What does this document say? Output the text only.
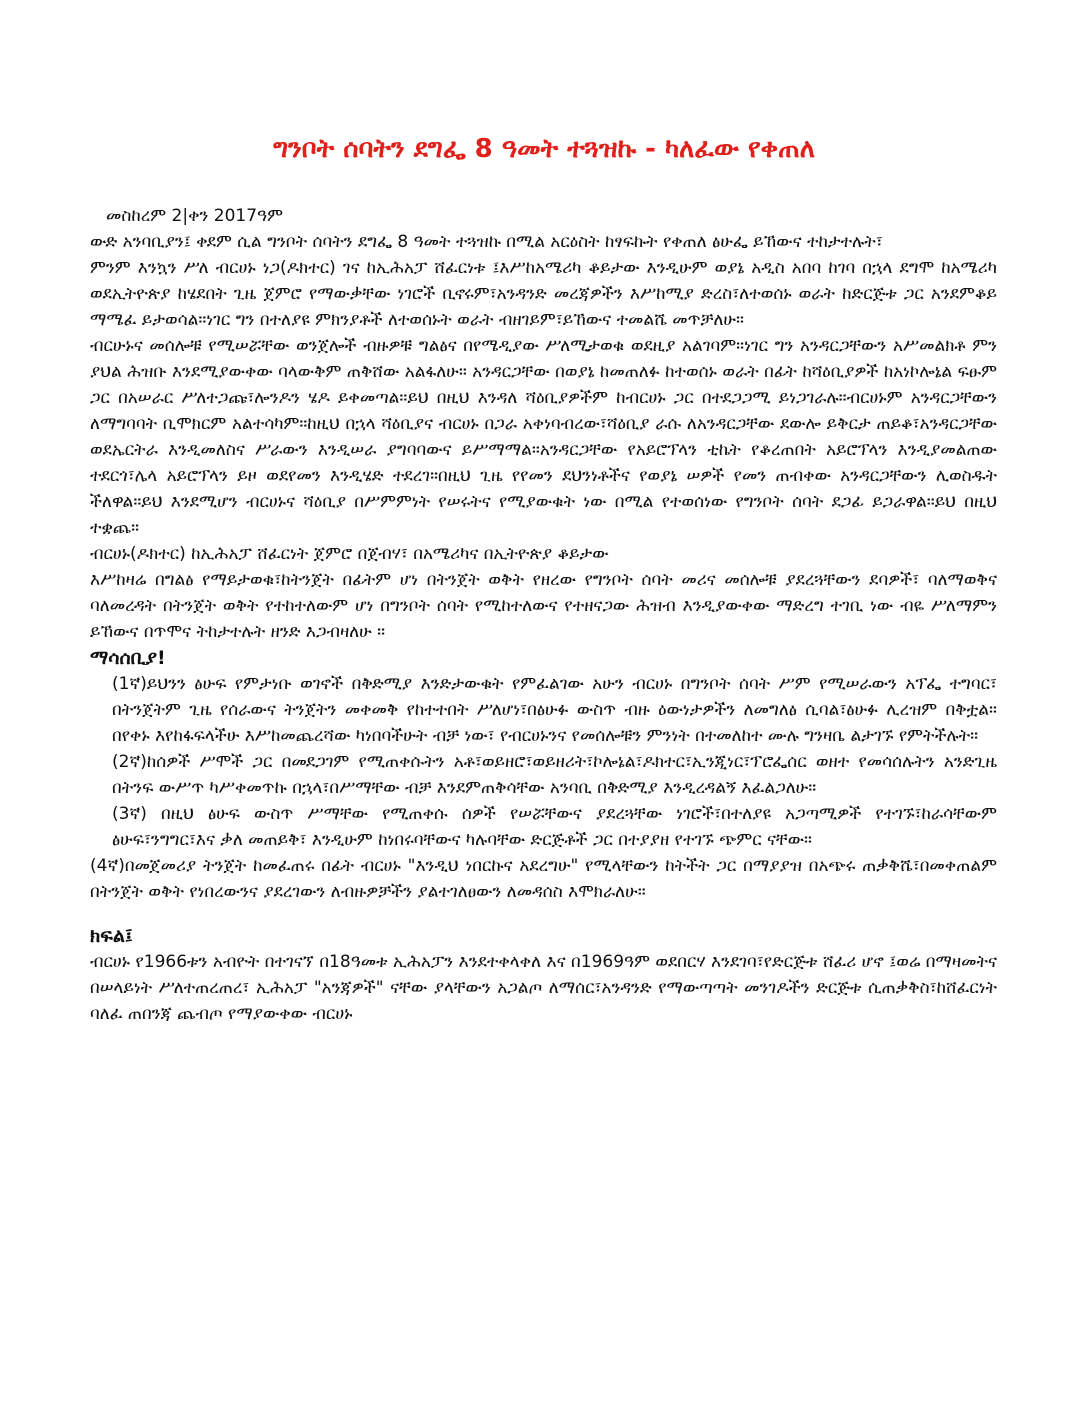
ግንቦት ሰባትን ደግፌ 8 ዓመት ተጓዝኩ - ካለፈው የቀጠለ

መስከረም 2|ቀን 2017ዓም

ውድ አንባቢያን፤ ቀደም ሲል ግንቦት ሰባትን ደግፌ 8 ዓመት ተጓዝኩ በሚል አርዕስት ከፃፍኩት የቀጠለ ፅሁፌ ይኸውና ተከታተሉት፣

ምንም እንኳን ሥለ ብርሀኑ ነጋ(ዶክተር) ገና ከኢሕአፓ ሸፈርነቱ ፤እሥከአሜሪካ ቆይታው እንዲሁም ወያኔ አዲስ አበባ ከገባ በኋላ ደግሞ ከአሜሪካ ወደኢትዮጵያ ከሄደበት ጊዜ ጀምሮ የማውቃቸው ነገሮች ቢኖሩም፣አንዳንድ መረጃዎችን እሥከሚያ ድረስ፣ለተወሰኑ ወራት ከድርጅቱ ጋር አንደምቆይ ማሜፈ ይታወሳል።ነገር ግን በተለያዩ ምክንያቶች ለተወሰኑት ወራት ብዘገይም፣ይኸውና ተመልሼ መጥቻለሁ።

ብርሁኑና መሰሎቹ የሚሠሯቸው ወንጀሎች ብዙዎቹ ግልፅና በየሜዲያው ሥለሚታወቁ ወደዚያ አልገባም።ነገር ግን አንዳርጋቸውን አሥመልክቶ ምን ያህል ሕዝቡ እንደሚያውቀው ባላውቅም ጠቅሸው አልፋለሁ። አንዳርጋቸው በወያኔ ከመጠለፉ ከተወሰኑ ወራት በፊት ከሻዕቢያዎች ከአነኮሎኔል ፍፁም ጋር በአሠራር ሥለተጋጩ፣ሎንዶን ሄዶ ይቀመጣል።ይህ በዚህ እንዳለ ሻዕቢያዎችም ከብርሀኑ ጋር በተደጋጋሚ ይነጋገራሉ።ብርሀኑም አንዳርጋቸውን ለማግባባት ቢሞክርም አልተሳካም።ከዚህ በኋላ ሻዕቢያና ብርሀኑ በጋራ አቀነባብረው፣ሻዕቢያ ራሱ ለአንዳርጋቸው ደውሎ ይቅርታ ጠይቆ፣አንዳርጋቸው ወደኤርትራ እንዲመለስና ሥራውን እንዲሠራ ያግባባውና ይሥማማል።አንዳርጋቸው የአይሮፕላን ቲኬት የቆረጠበት አይሮፕላን እንዲያመልጠው ተደርጎ፣ሌላ አይሮፕላን ይዞ ወደየመን እንዲሄድ ተደረገ።በዚህ ጊዜ የየመን ደህንነቶችና የወያኔ ሠዎች የመን ጠብቀው አንዳርጋቸውን ሊወስዱት ችለዋል።ይህ እንደሚሆን ብርሀኑና ሻዕቢያ በሥምምነት የሠሩትና የሚያውቁት ነው በሚል የተወሰነው የግንቦት ሰባት ደጋፊ ይጋራዋል።ይህ በዚህ ተቋጨ።

ብርሀኑ(ዶክተር) ከኢሕአፓ ሸፈርነት ጀምሮ በጀብሃ፣ በአሜሪካና በኢትዮጵያ ቆይታው

እሥከዛሬ በግልፅ የማይታወቁ፣ከትንጀት በፊትም ሆነ በትንጀት ወቅት የዘረው የግንቦት ሰባት መሪና መሰሎቹ ያደረጓቸውን ደባዎች፣ ባለማወቅና ባለመረዳት በትንጀት ወቅት የተከተለውም ሆነ በግንቦት ሰባት የሚከተለውና የተዘናጋው ሕዝብ እንዲያውቀው ማድረግ ተገቢ ነው ብዬ ሥለማምን ይኸውና በጥሞና ትከታተሉት ዘንድ እጋብዛለሁ ።

ማሳሰቢያ!

(1ኛ)ይህንን ፅሁፍ የምታነቡ ወገኖች በቅድሚያ እንድታውቁት የምፈልገው አሁን ብርሀኑ በግንቦት ሰባት ሥም የሚሠራውን አፕፌ ተግባር፣ በትንጀትም ጊዜ የሰራውና ትንጀትን መቀመቅ የከተተበት ሥለሆነ፣በፅሁፉ ውስጥ ብዙ ዕውነታዎችን ለመግለፅ ሲባል፣ፅሁፉ ሊረዝም በቅቷል። በየቀኑ እየከፋፍላችሁ እሥከመጨረሻው ካነበባችሁት ብቻ ነው፣ የብርሀኑንና የመሰሎቹን ምንነት በተመለከተ ሙሉ ግንዛቤ ልታገኙ የምትችሉት።

(2ኛ)ከሰዎች ሥሞች ጋር በመደጋገም የሚጠቀሱትን አቶ፣ወይዘሮ፣ወይዘሪት፣ኮሎኔል፣ዶክተር፣ኢንጂነር፣ፕሮፌሰር ወዘተ የመሳሰሉትን አንድጊዜ በትንፍ ውሥጥ ካሥቀመጥኩ በኋላ፣በሥማቸው ብቻ እንደምጠቅሳቸው አንባቢ በቅድሚያ እንዲረዳልኝ እፈልጋለሁ።

(3ኛ) በዚህ ፅሁፍ ውስጥ ሥማቸው የሚጠቀሱ ሰዎች የሠሯቸውና ያደረጓቸው ነገሮች፣በተለያዩ አጋጣሚዎች የተገኙ፣ከራሳቸውም ፅሁፍ፣ንግግር፣እና ቃለ መጠይቅ፣ እንዲሁም ከነበሩባቸውና ካሉባቸው ድርጅቶች ጋር በተያያዘ የተገኙ ጭምር ናቸው።

(4ኛ)በመጀመሪያ ትንጀት ከመፈጠሩ በፊት ብርሀኑ "እንዲህ ነበርኩና አደረግሁ" የሚላቸውን ከትችት ጋር በማያያዝ በአጭሩ ጠቃቅሼ፣በመቀጠልም በትንጀት ወቅት የነበረውንና ያደረገውን ለብዙዎቻችን ያልተገለፀውን ለመዳሰስ እሞክራለሁ።

ክፍል፤

ብርሀኑ የ1966ቱን አብዮት በተገናኘ በ18ዓመቱ ኢሕአፓን እንደተቀላቀለ እና በ1969ዓም ወደበርሃ እንደገባ፣የድርጅቱ ሸፈሪ ሆኖ ፤ወሬ በማዛመትና በሠላይነት ሥለተጠረጠረ፣ ኢሕአፓ "አንጃዎች" ናቸው ያላቸውን አጋልጦ ለማሰር፣አንዳንድ የማውጣጣት መንገዶችን ድርጅቱ ሲጠቃቅስ፣ከሸፈርነት ባለፈ ጠበንጃ ጨብጦ የማያውቀው ብርሀኑ
